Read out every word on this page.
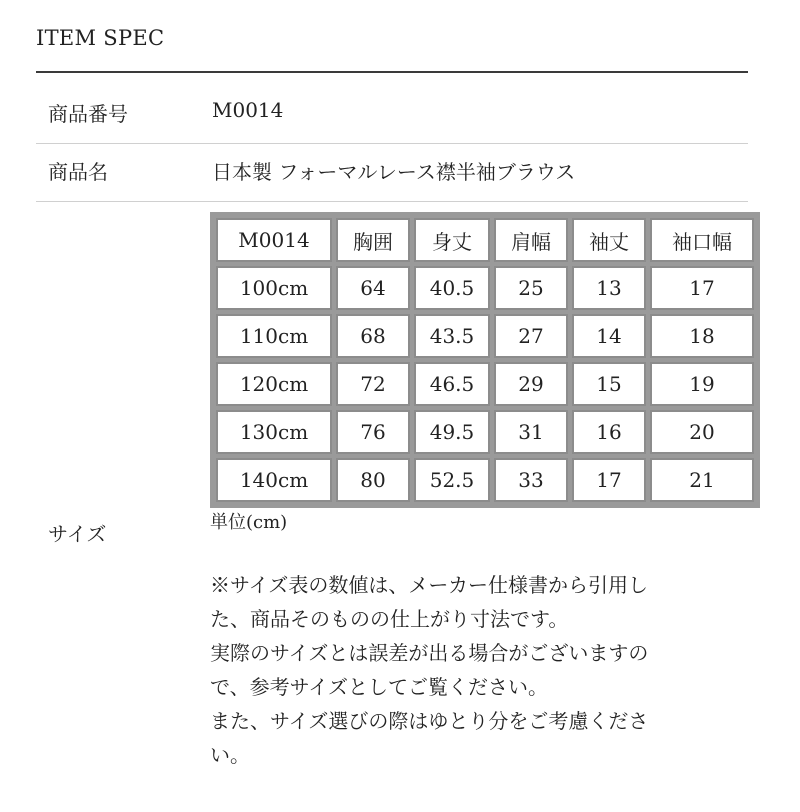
ITEM SPEC
商品番号	M0014
商品名	日本製 フォーマルレース襟半袖ブラウス
サイズ
M0014	胸囲	身丈	肩幅	袖丈	袖口幅
100cm	64	40.5	25	13	17
110cm	68	43.5	27	14	18
120cm	72	46.5	29	15	19
130cm	76	49.5	31	16	20
140cm	80	52.5	33	17	21
単位(cm)
※サイズ表の数値は、メーカー仕様書から引用し
た、商品そのものの仕上がり寸法です。
実際のサイズとは誤差が出る場合がございますの
で、参考サイズとしてご覧ください。
また、サイズ選びの際はゆとり分をご考慮くださ
い。
